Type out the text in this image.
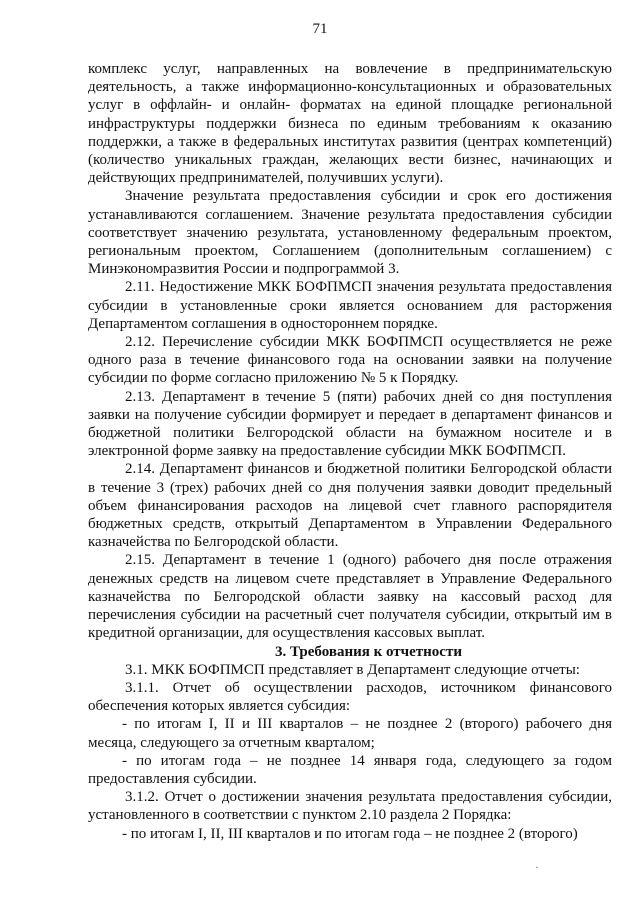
71

комплекс услуг, направленных на вовлечение в предпринимательскую деятельность, а также информационно-консультационных и образовательных услуг в оффлайн- и онлайн- форматах на единой площадке региональной инфраструктуры поддержки бизнеса по единым требованиям к оказанию поддержки, а также в федеральных институтах развития (центрах компетенций) (количество уникальных граждан, желающих вести бизнес, начинающих и действующих предпринимателей, получивших услуги).

Значение результата предоставления субсидии и срок его достижения устанавливаются соглашением. Значение результата предоставления субсидии соответствует значению результата, установленному федеральным проектом, региональным проектом, Соглашением (дополнительным соглашением) с Минэкономразвития России и подпрограммой 3.

2.11. Недостижение МКК БОФПМСП значения результата предоставления субсидии в установленные сроки является основанием для расторжения Департаментом соглашения в одностороннем порядке.

2.12. Перечисление субсидии МКК БОФПМСП осуществляется не реже одного раза в течение финансового года на основании заявки на получение субсидии по форме согласно приложению № 5 к Порядку.

2.13. Департамент в течение 5 (пяти) рабочих дней со дня поступления заявки на получение субсидии формирует и передает в департамент финансов и бюджетной политики Белгородской области на бумажном носителе и в электронной форме заявку на предоставление субсидии МКК БОФПМСП.

2.14. Департамент финансов и бюджетной политики Белгородской области в течение 3 (трех) рабочих дней со дня получения заявки доводит предельный объем финансирования расходов на лицевой счет главного распорядителя бюджетных средств, открытый Департаментом в Управлении Федерального казначейства по Белгородской области.

2.15. Департамент в течение 1 (одного) рабочего дня после отражения денежных средств на лицевом счете представляет в Управление Федерального казначейства по Белгородской области заявку на кассовый расход для перечисления субсидии на расчетный счет получателя субсидии, открытый им в кредитной организации, для осуществления кассовых выплат.

3. Требования к отчетности

3.1. МКК БОФПМСП представляет в Департамент следующие отчеты:

3.1.1. Отчет об осуществлении расходов, источником финансового обеспечения которых является субсидия:

- по итогам I, II и III кварталов – не позднее 2 (второго) рабочего дня месяца, следующего за отчетным кварталом;

- по итогам года – не позднее 14 января года, следующего за годом предоставления субсидии.

3.1.2. Отчет о достижении значения результата предоставления субсидии, установленного в соответствии с пунктом 2.10 раздела 2 Порядка:

- по итогам I, II, III кварталов и по итогам года – не позднее 2 (второго)

·
